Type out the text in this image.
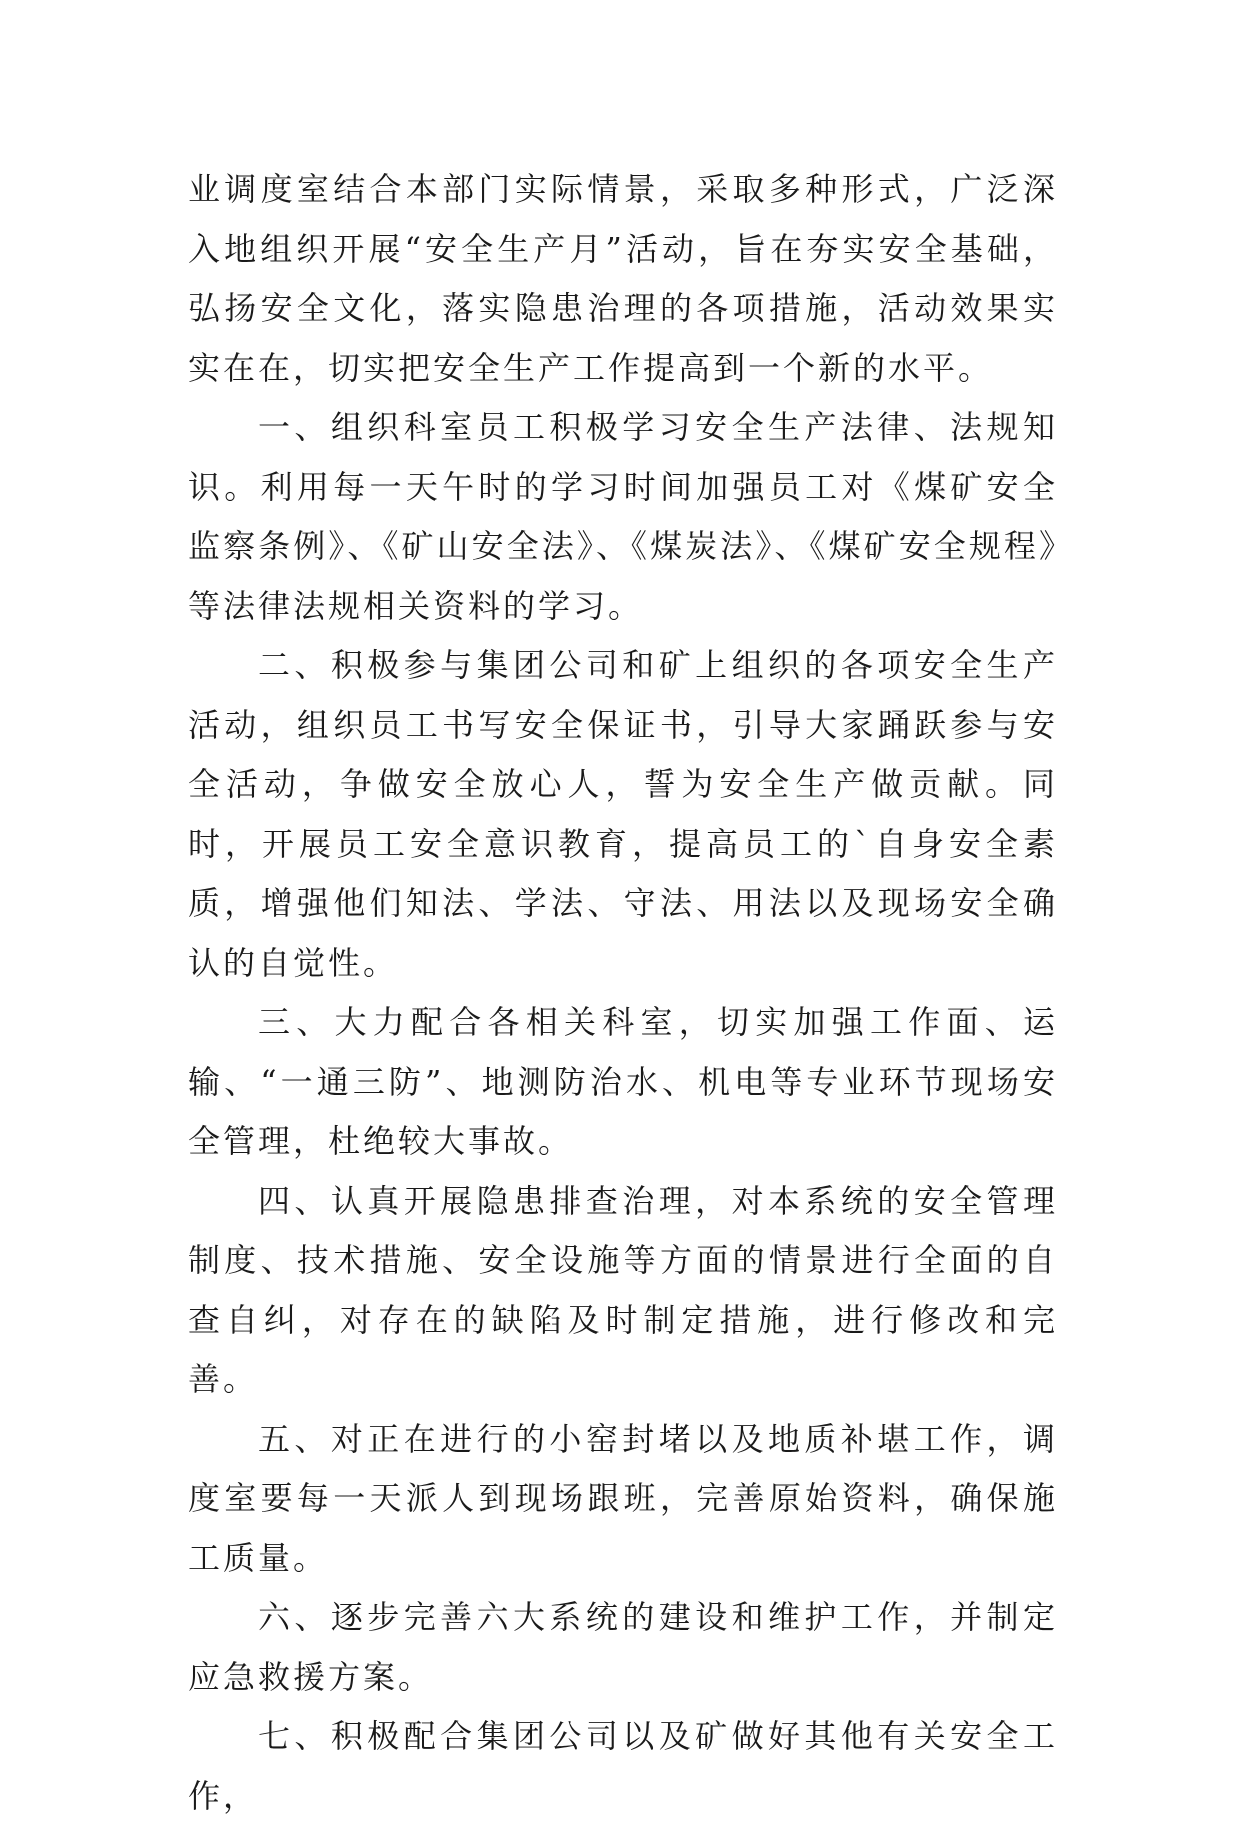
业调度室结合本部门实际情景，采取多种形式，广泛深入地组织开展“安全生产月”活动，旨在夯实安全基础，弘扬安全文化，落实隐患治理的各项措施，活动效果实实在在，切实把安全生产工作提高到一个新的水平。

一、组织科室员工积极学习安全生产法律、法规知识。利用每一天午时的学习时间加强员工对《煤矿安全监察条例》、《矿山安全法》、《煤炭法》、《煤矿安全规程》等法律法规相关资料的学习。

二、积极参与集团公司和矿上组织的各项安全生产活动，组织员工书写安全保证书，引导大家踊跃参与安全活动，争做安全放心人，誓为安全生产做贡献。同时，开展员工安全意识教育，提高员工的`自身安全素质，增强他们知法、学法、守法、用法以及现场安全确认的自觉性。

三、大力配合各相关科室，切实加强工作面、运输、“一通三防”、地测防治水、机电等专业环节现场安全管理，杜绝较大事故。

四、认真开展隐患排查治理，对本系统的安全管理制度、技术措施、安全设施等方面的情景进行全面的自查自纠，对存在的缺陷及时制定措施，进行修改和完善。

五、对正在进行的小窑封堵以及地质补堪工作，调度室要每一天派人到现场跟班，完善原始资料，确保施工质量。

六、逐步完善六大系统的建设和维护工作，并制定应急救援方案。

七、积极配合集团公司以及矿做好其他有关安全工作，
